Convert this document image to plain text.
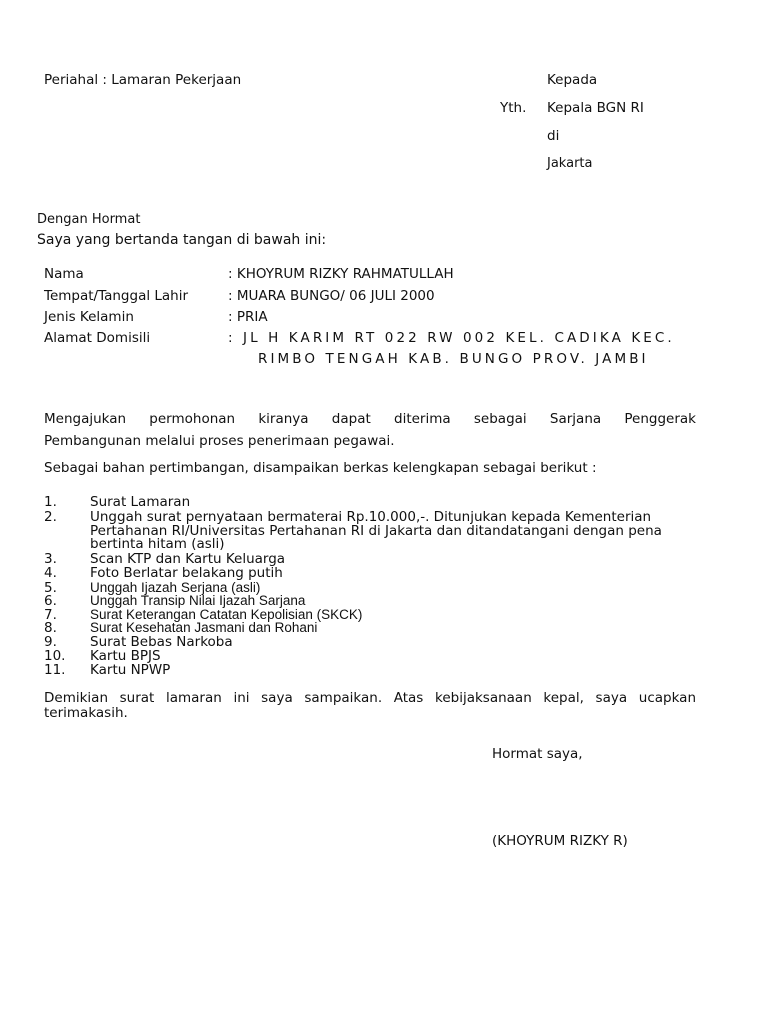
Periahal : Lamaran Pekerjaan	Kepada
Yth. Kepala BGN RI
di
Jakarta
Dengan Hormat
Saya yang bertanda tangan di bawah ini:
Nama	: KHOYRUM RIZKY RAHMATULLAH
Tempat/Tanggal Lahir	: MUARA BUNGO/ 06 JULI 2000
Jenis Kelamin	: PRIA
Alamat Domisili	: JL H KARIM RT 022 RW 002 KEL. CADIKA KEC.
RIMBO TENGAH KAB. BUNGO PROV. JAMBI
Mengajukan permohonan kiranya dapat diterima sebagai Sarjana Penggerak
Pembangunan melalui proses penerimaan pegawai.
Sebagai bahan pertimbangan, disampaikan berkas kelengkapan sebagai berikut :
1. Surat Lamaran
2. Unggah surat pernyataan bermaterai Rp.10.000,-. Ditunjukan kepada Kementerian
Pertahanan RI/Universitas Pertahanan RI di Jakarta dan ditandatangani dengan pena
bertinta hitam (asli)
3. Scan KTP dan Kartu Keluarga
4. Foto Berlatar belakang putih
5. Unggah Ijazah Serjana (asli)
6. Unggah Transip Nilai Ijazah Sarjana
7. Surat Keterangan Catatan Kepolisian (SKCK)
8. Surat Kesehatan Jasmani dan Rohani
9. Surat Bebas Narkoba
10. Kartu BPJS
11. Kartu NPWP
Demikian surat lamaran ini saya sampaikan. Atas kebijaksanaan kepal, saya ucapkan
terimakasih.
Hormat saya,
(KHOYRUM RIZKY R)
